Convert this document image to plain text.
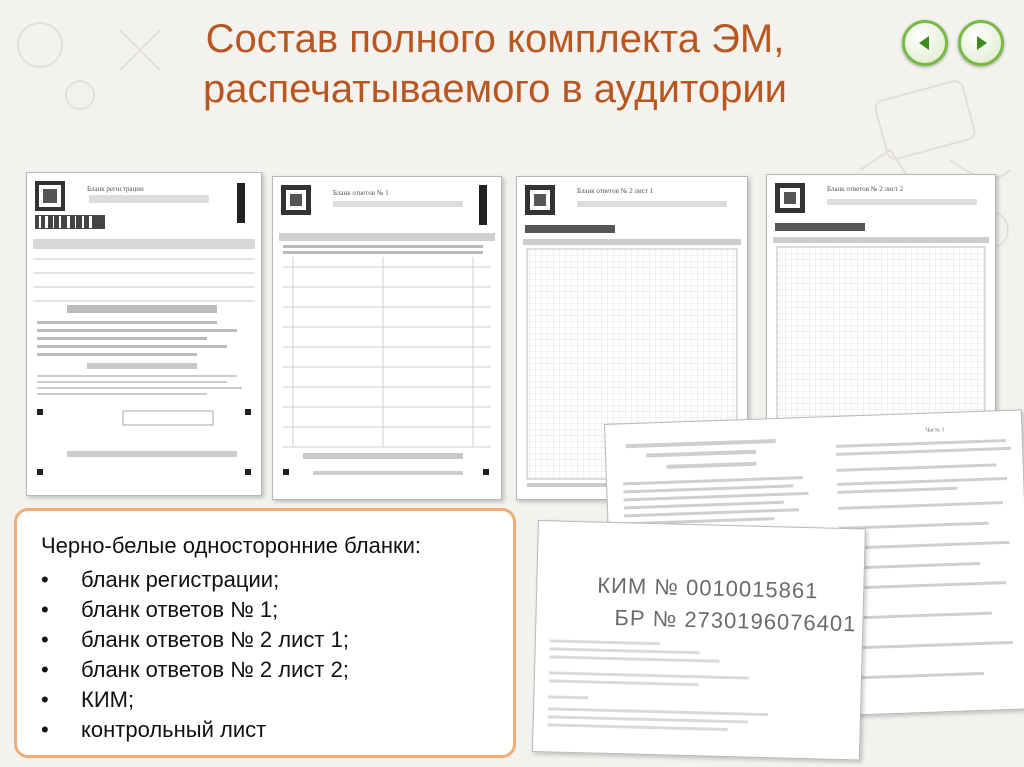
Состав полного комплекта ЭМ,
распечатываемого в аудитории
Бланк регистрации	Бланк ответов № 1	Бланк ответов № 2 лист 1	Бланк ответов № 2 лист 2
Часть 1
КИМ № 0010015861
БР № 2730196076401
Черно-белые односторонние бланки:
•	бланк регистрации;
•	бланк ответов № 1;
•	бланк ответов № 2 лист 1;
•	бланк ответов № 2 лист 2;
•	КИМ;
•	контрольный лист
